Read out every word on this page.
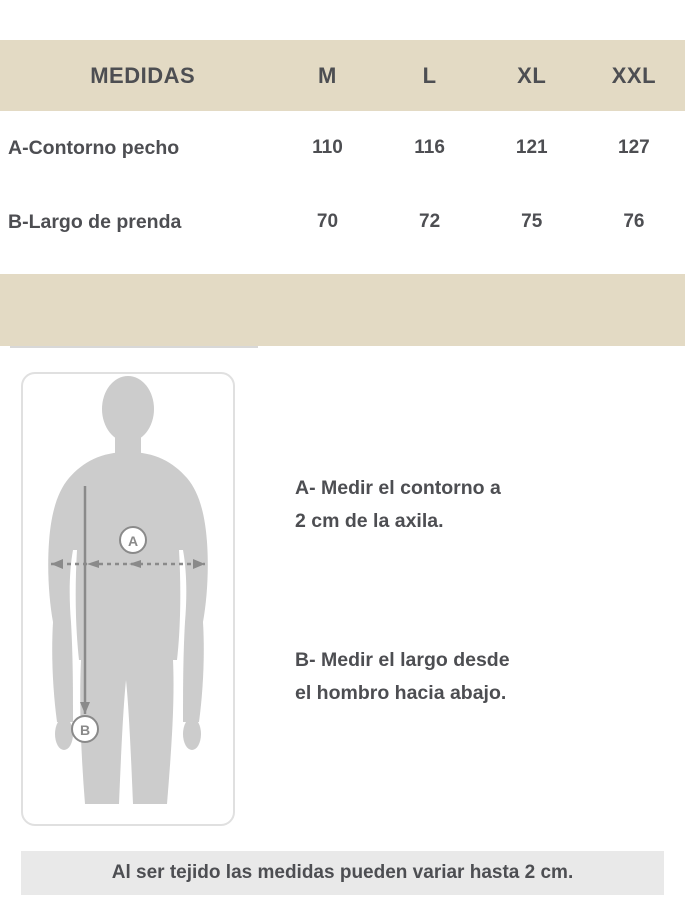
MEDIDAS	M	L	XL	XXL
A-Contorno pecho	110	116	121	127
B-Largo de prenda	70	72	75	76
A
B

A- Medir el contorno a

2 cm de la axila.

B- Medir el largo desde

el hombro hacia abajo.

Al ser tejido las medidas pueden variar hasta 2 cm.
